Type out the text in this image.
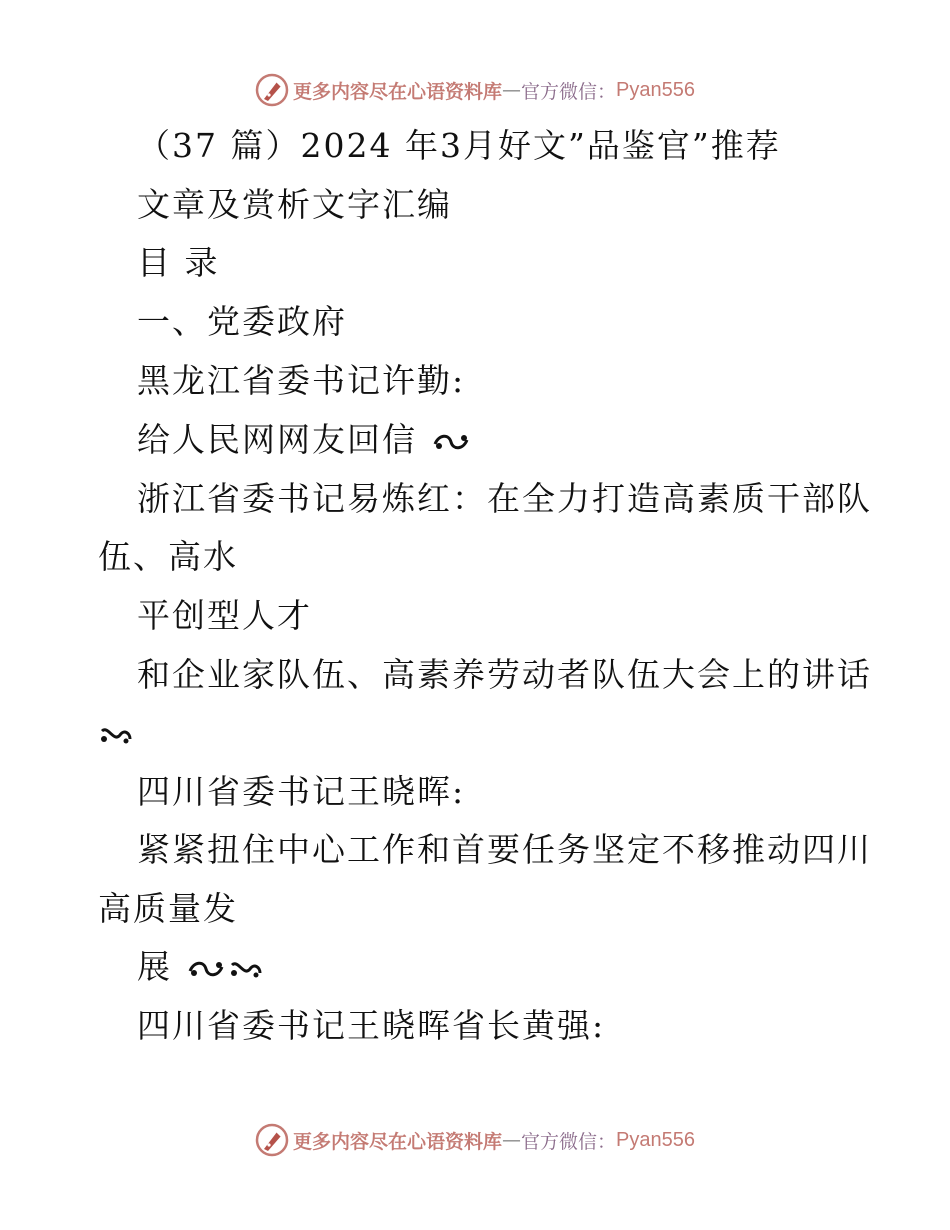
更多内容尽在心语资料库 — 官方微信： Pyan556
（37 篇）2024 年3月好文”品鉴官”推荐
文章及赏析文字汇编
目 录
一、党委政府
黑龙江省委书记许勤:
给人民网网友回信
浙江省委书记易炼红：在全力打造高素质干部队
伍、高水
平创型人才
和企业家队伍、高素养劳动者队伍大会上的讲话
四川省委书记王晓晖:
紧紧扭住中心工作和首要任务坚定不移推动四川
高质量发
展
四川省委书记王晓晖省长黄强:
更多内容尽在心语资料库 — 官方微信： Pyan556
